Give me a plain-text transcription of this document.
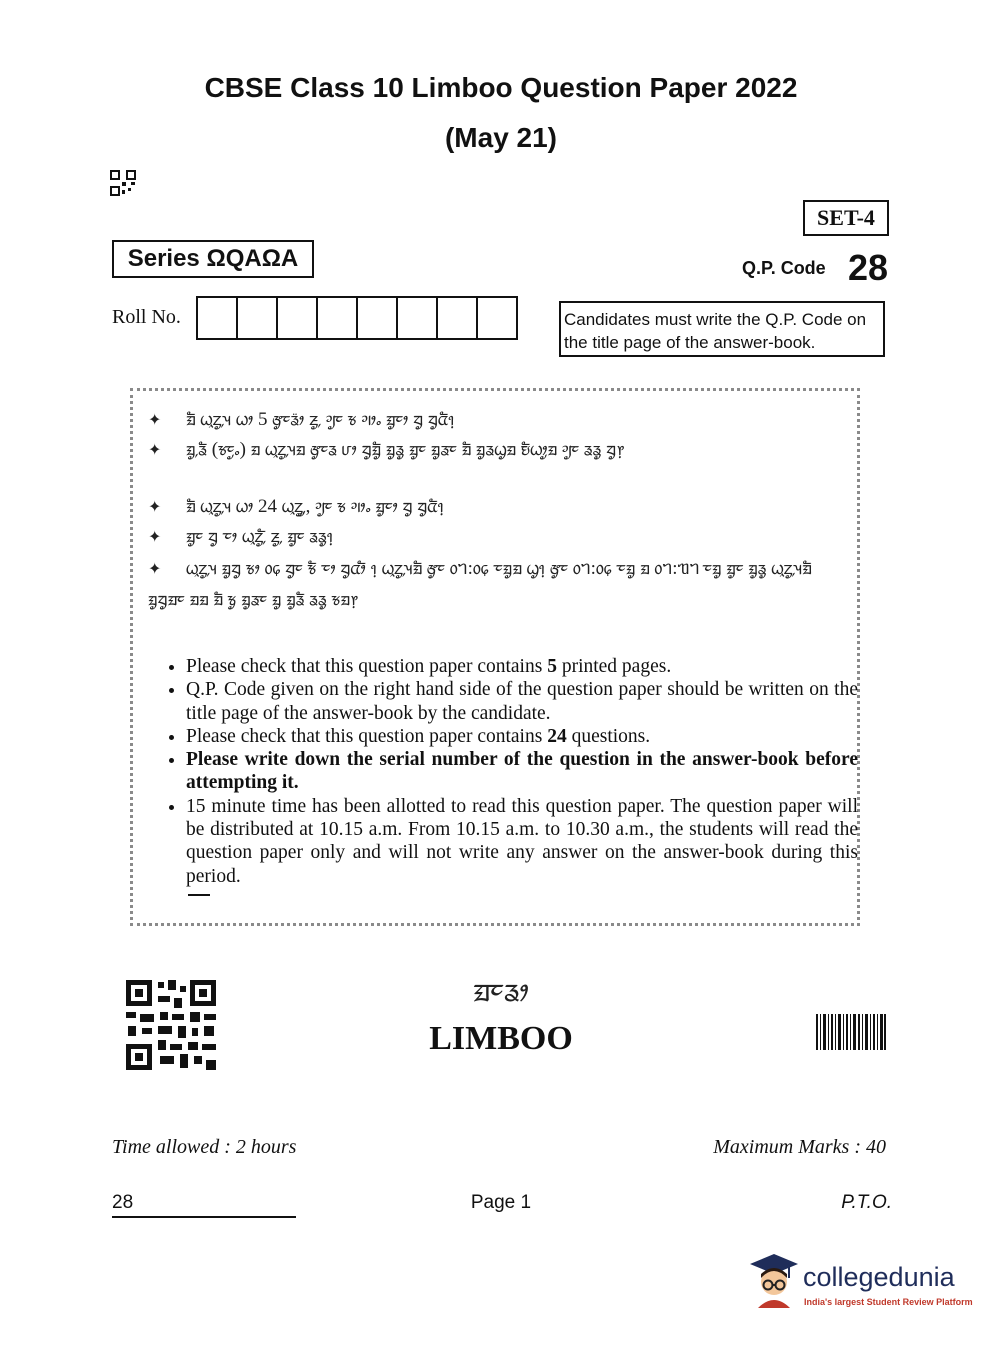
CBSE Class 10 Limboo Question Paper 2022
(May 21)
SET-4
Series ΩQAΩA	Q.P. Code 28
Roll No.	Candidates must write the Q.P. Code on the title page of the answer-book.
✦ ᤀᤠ ᤐᤪᤁᤢ᤹ᤵ ᤐᤣ 5 ᤅᤢᤰᤕ᤺ᤣ ᤏᤢ᤹ ᤆᤢᤰ ᤃ ᤆᤣᤱ ᤀᤢᤰᤣ ᤔᤢ ᤔᤢᤂᤠ᥄
✦ ᤀᤢ᤹ᤕᤠ (ᤃᤰᤢᤱ) ᤀ ᤐᤪᤁᤢ᤹ᤵᤀ ᤅᤢᤰᤕ ᤙᤣ ᤔᤢᤀᤢᤠ ᤀᤢᤕᤢ ᤀᤢᤰ ᤀᤢᤕᤰ ᤀᤠ ᤀᤢᤕᤐᤢᤀ ᤎᤠᤐᤣᤢᤀ ᤆᤢᤰ ᤕᤕᤢ ᤔᤢ᥅
✦ ᤀᤠ ᤐᤪᤁᤢ᤹ᤵ ᤐᤣ 24 ᤐᤪᤁᤢ᤹ᤢ, ᤆᤢᤰ ᤃ ᤆᤣᤱ ᤀᤢᤰᤣ ᤔᤢ ᤔᤢᤂᤠ᥄
✦ ᤀᤢᤰ ᤔᤢ ᤰᤣ ᤐᤪᤁᤢ᤹ᤠ ᤏᤢ᤹ ᤀᤢᤰ ᤕᤕᤢ᥄
✦ ᤐᤪᤁᤢ᤹ᤵ ᤀᤢᤔᤢ ᤃᤣ ᥆᥌ ᤔᤢᤰ ᤃᤠ ᤰᤣ ᤔᤢᤂᤣᤠ ᥄ ᤐᤪᤁᤢ᤹ᤵᤀᤠ ᤅᤢᤰ ᥆ᥐ:᥆᥌ ᤰᤀᤢᤀ ᤐᤢ᥄ ᤅᤢᤰ ᥆ᥐ:᥆᥌ ᤰᤀᤢ ᤀ ᥆ᥐ:ᥓᥐ ᤰᤀᤢ ᤀᤢᤰ ᤀᤢᤕᤢ ᤐᤪᤁᤢ᤹ᤵᤀᤠ ᤀᤢᤔᤢᤀᤰ ᤀᤀ ᤀᤠ ᤃᤢ ᤀᤢᤕᤰ ᤀᤢ ᤀᤢᤕᤠ ᤕᤕᤢ ᤃᤀ᥅
• Please check that this question paper contains 5 printed pages.
• Q.P. Code given on the right hand side of the question paper should be written on the title page of the answer-book by the candidate.
• Please check that this question paper contains 24 questions.
• Please write down the serial number of the question in the answer-book before attempting it.
• 15 minute time has been allotted to read this question paper. The question paper will be distributed at 10.15 a.m. From 10.15 a.m. to 10.30 a.m., the students will read the question paper only and will not write any answer on the answer-book during this period.
ᤀᤰᤕᤣ
LIMBOO
Time allowed : 2 hours	Maximum Marks : 40
28	Page 1	P.T.O.
collegedunia
India's largest Student Review Platform
